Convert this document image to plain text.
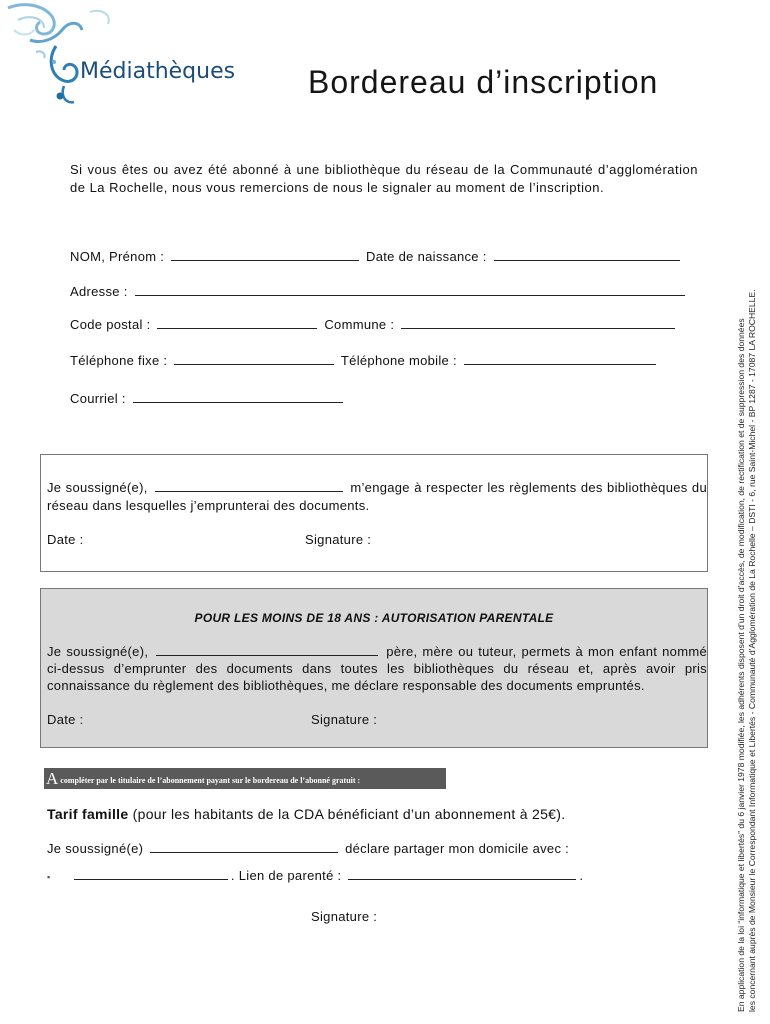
Médiathèques Bordereau d’inscription
Si vous êtes ou avez été abonné à une bibliothèque du réseau de la Communauté d’agglomération de La Rochelle, nous vous remercions de nous le signaler au moment de l’inscription.
NOM, Prénom :	Date de naissance :
Adresse :
Code postal :	Commune :
Téléphone fixe :	Téléphone mobile :
Courriel :
Je soussigné(e),	m’engage à respecter les règlements des bibliothèques du réseau dans lesquelles j’emprunterai des documents.
Date :	Signature :
POUR LES MOINS DE 18 ANS : AUTORISATION PARENTALE
Je soussigné(e),	père, mère ou tuteur, permets à mon enfant nommé ci-dessus d’emprunter des documents dans toutes les bibliothèques du réseau et, après avoir pris connaissance du règlement des bibliothèques, me déclare responsable des documents empruntés.
Date :	Signature :
A compléter par le titulaire de l’abonnement payant sur le bordereau de l’abonné gratuit :
Tarif famille (pour les habitants de la CDA bénéficiant d’un abonnement à 25€).
Je soussigné(e)	déclare partager mon domicile avec :
▪	. Lien de parenté :	.
Signature :	En application de la loi “informatique et libertés” du 6 janvier 1978 modifiée, les adhérents disposent d’un droit d’accès, de modification, de rectification et de suppression des données les concernant auprès de Monsieur le Correspondant Informatique et Libertés - Communauté d’Agglomération de La Rochelle – DSTI - 6, rue Saint-Michel - BP 1287 - 17087 LA ROCHELLE.
